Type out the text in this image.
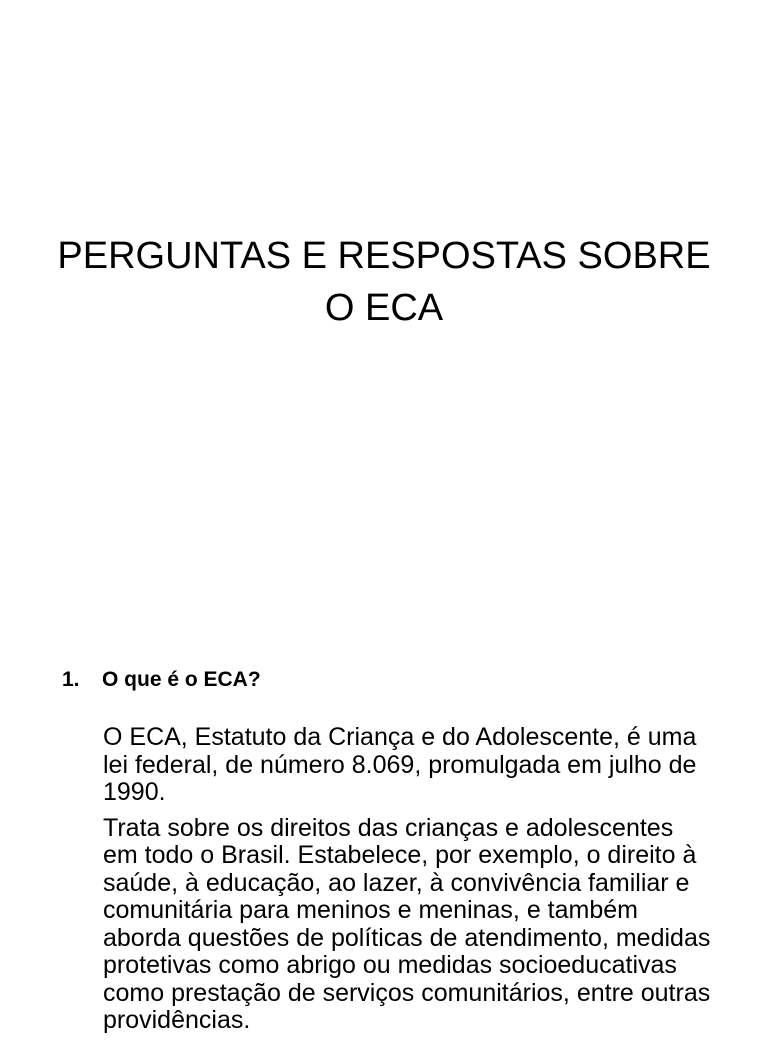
PERGUNTAS E RESPOSTAS SOBRE
O ECA
1. O que é o ECA?

O ECA, Estatuto da Criança e do Adolescente, é uma lei federal, de número 8.069, promulgada em julho de 1990.

Trata sobre os direitos das crianças e adolescentes em todo o Brasil. Estabelece, por exemplo, o direito à saúde, à educação, ao lazer, à convivência familiar e comunitária para meninos e meninas, e também aborda questões de políticas de atendimento, medidas protetivas como abrigo ou medidas socioeducativas como prestação de serviços comunitários, entre outras providências.
